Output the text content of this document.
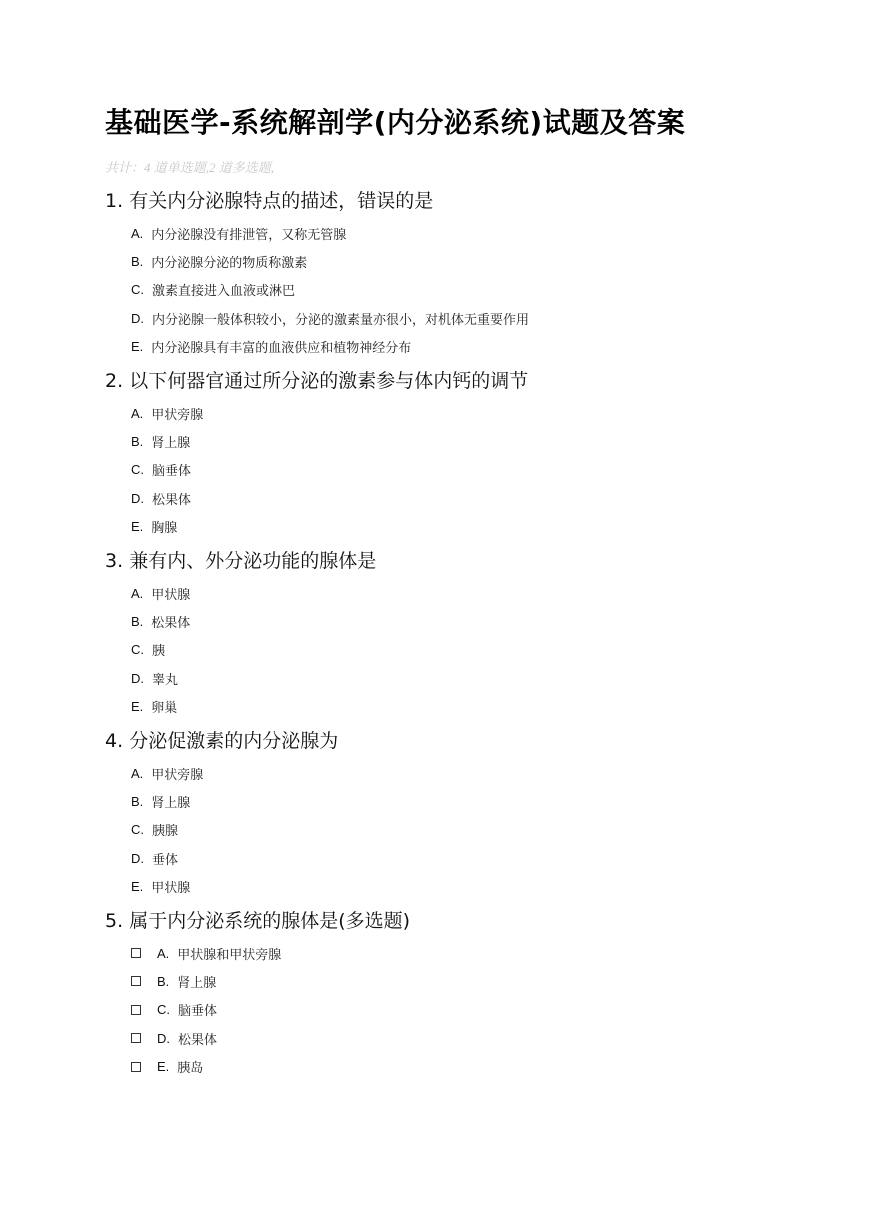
基础医学-系统解剖学(内分泌系统)试题及答案
共计：4 道单选题,2 道多选题,
1. 有关内分泌腺特点的描述，错误的是
A. 内分泌腺没有排泄管，又称无管腺
B. 内分泌腺分泌的物质称激素
C. 激素直接进入血液或淋巴
D. 内分泌腺一般体积较小，分泌的激素量亦很小，对机体无重要作用
E. 内分泌腺具有丰富的血液供应和植物神经分布
2. 以下何器官通过所分泌的激素参与体内钙的调节
A. 甲状旁腺
B. 肾上腺
C. 脑垂体
D. 松果体
E. 胸腺
3. 兼有内、外分泌功能的腺体是
A. 甲状腺
B. 松果体
C. 胰
D. 睾丸
E. 卵巢
4. 分泌促激素的内分泌腺为
A. 甲状旁腺
B. 肾上腺
C. 胰腺
D. 垂体
E. 甲状腺
5. 属于内分泌系统的腺体是(多选题)
A. 甲状腺和甲状旁腺
B. 肾上腺
C. 脑垂体
D. 松果体
E. 胰岛
